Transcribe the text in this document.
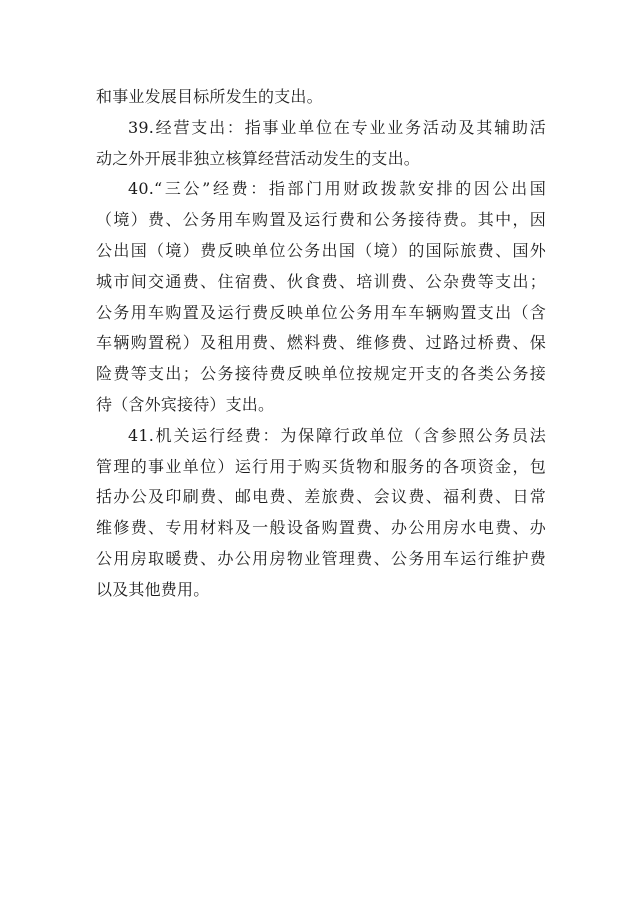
和事业发展目标所发生的支出。
39.经营支出：指事业单位在专业业务活动及其辅助活
动之外开展非独立核算经营活动发生的支出。
40.“三公”经费：指部门用财政拨款安排的因公出国
（境）费、公务用车购置及运行费和公务接待费。其中，因
公出国（境）费反映单位公务出国（境）的国际旅费、国外
城市间交通费、住宿费、伙食费、培训费、公杂费等支出；
公务用车购置及运行费反映单位公务用车车辆购置支出（含
车辆购置税）及租用费、燃料费、维修费、过路过桥费、保
险费等支出；公务接待费反映单位按规定开支的各类公务接
待（含外宾接待）支出。
41.机关运行经费：为保障行政单位（含参照公务员法
管理的事业单位）运行用于购买货物和服务的各项资金，包
括办公及印刷费、邮电费、差旅费、会议费、福利费、日常
维修费、专用材料及一般设备购置费、办公用房水电费、办
公用房取暖费、办公用房物业管理费、公务用车运行维护费
以及其他费用。
